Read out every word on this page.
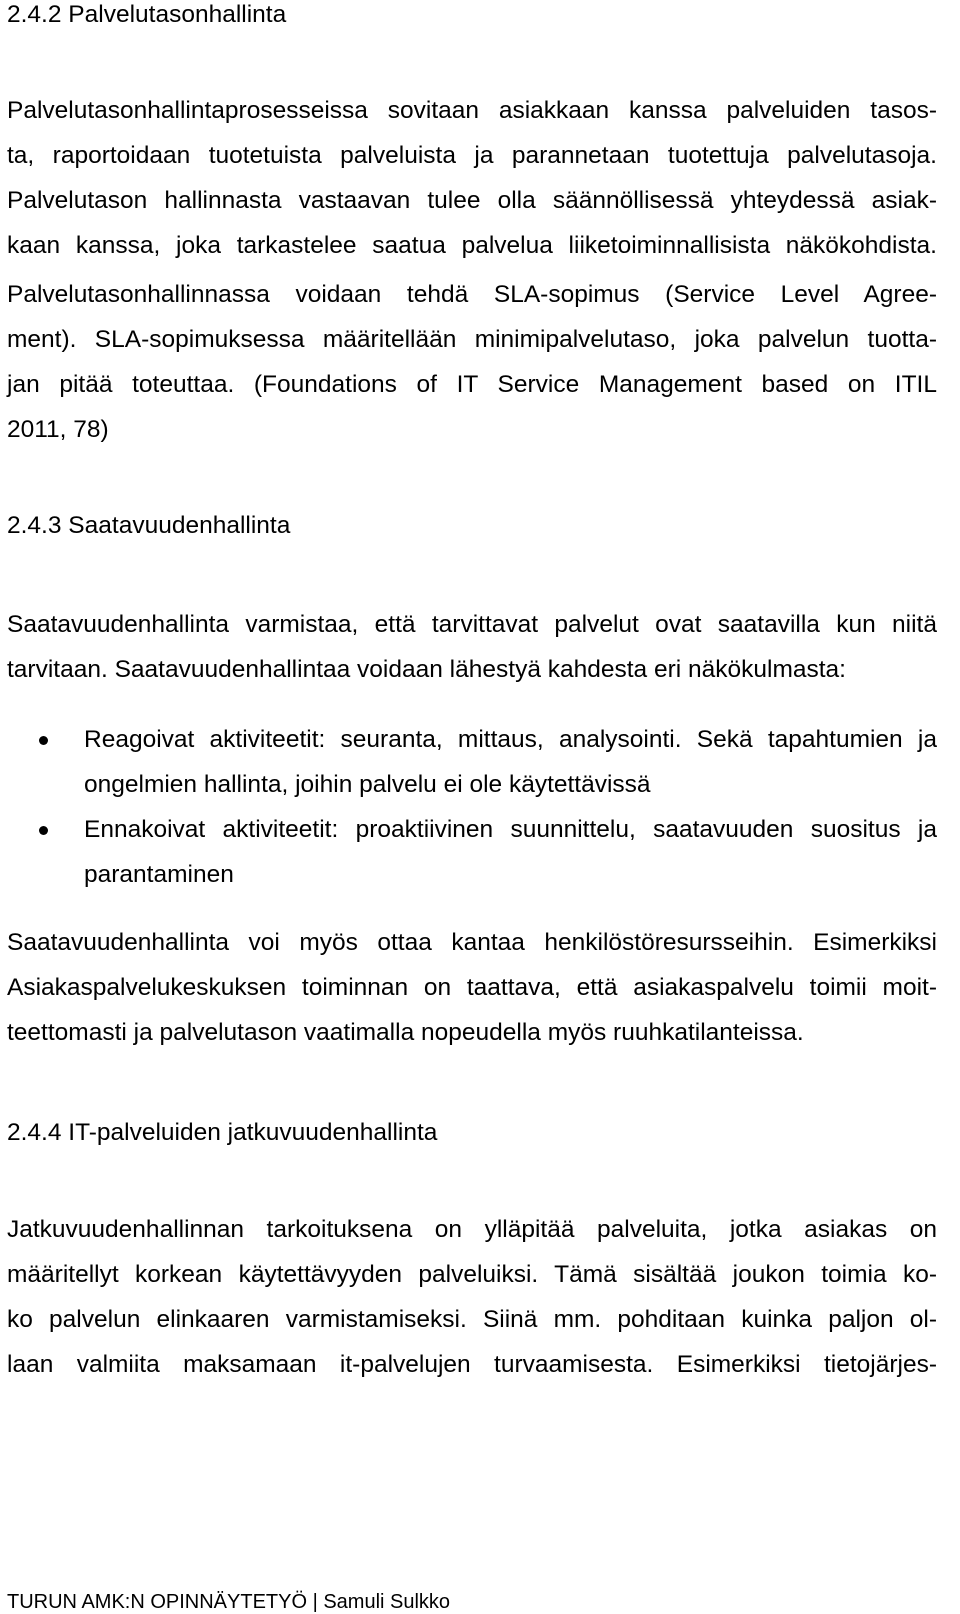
2.4.2 Palvelutasonhallinta
Palvelutasonhallintaprosesseissa sovitaan asiakkaan kanssa palveluiden tasos-
ta, raportoidaan tuotetuista palveluista ja parannetaan tuotettuja palvelutasoja.
Palvelutason hallinnasta vastaavan tulee olla säännöllisessä yhteydessä asiak-
kaan kanssa, joka tarkastelee saatua palvelua liiketoiminnallisista näkökohdista.
Palvelutasonhallinnassa voidaan tehdä SLA-sopimus (Service Level Agree-
ment). SLA-sopimuksessa määritellään minimipalvelutaso, joka palvelun tuotta-
jan pitää toteuttaa. (Foundations of IT Service Management based on ITIL
2011, 78)
2.4.3 Saatavuudenhallinta
Saatavuudenhallinta varmistaa, että tarvittavat palvelut ovat saatavilla kun niitä
tarvitaan. Saatavuudenhallintaa voidaan lähestyä kahdesta eri näkökulmasta:
Reagoivat aktiviteetit: seuranta, mittaus, analysointi. Sekä tapahtumien ja
ongelmien hallinta, joihin palvelu ei ole käytettävissä
Ennakoivat aktiviteetit: proaktiivinen suunnittelu, saatavuuden suositus ja
parantaminen
Saatavuudenhallinta voi myös ottaa kantaa henkilöstöresursseihin. Esimerkiksi
Asiakaspalvelukeskuksen toiminnan on taattava, että asiakaspalvelu toimii moit-
teettomasti ja palvelutason vaatimalla nopeudella myös ruuhkatilanteissa.
2.4.4 IT-palveluiden jatkuvuudenhallinta
Jatkuvuudenhallinnan tarkoituksena on ylläpitää palveluita, jotka asiakas on
määritellyt korkean käytettävyyden palveluiksi. Tämä sisältää joukon toimia ko-
ko palvelun elinkaaren varmistamiseksi. Siinä mm. pohditaan kuinka paljon ol-
laan valmiita maksamaan it-palvelujen turvaamisesta. Esimerkiksi tietojärjes-
TURUN AMK:N OPINNÄYTETYÖ | Samuli Sulkko
